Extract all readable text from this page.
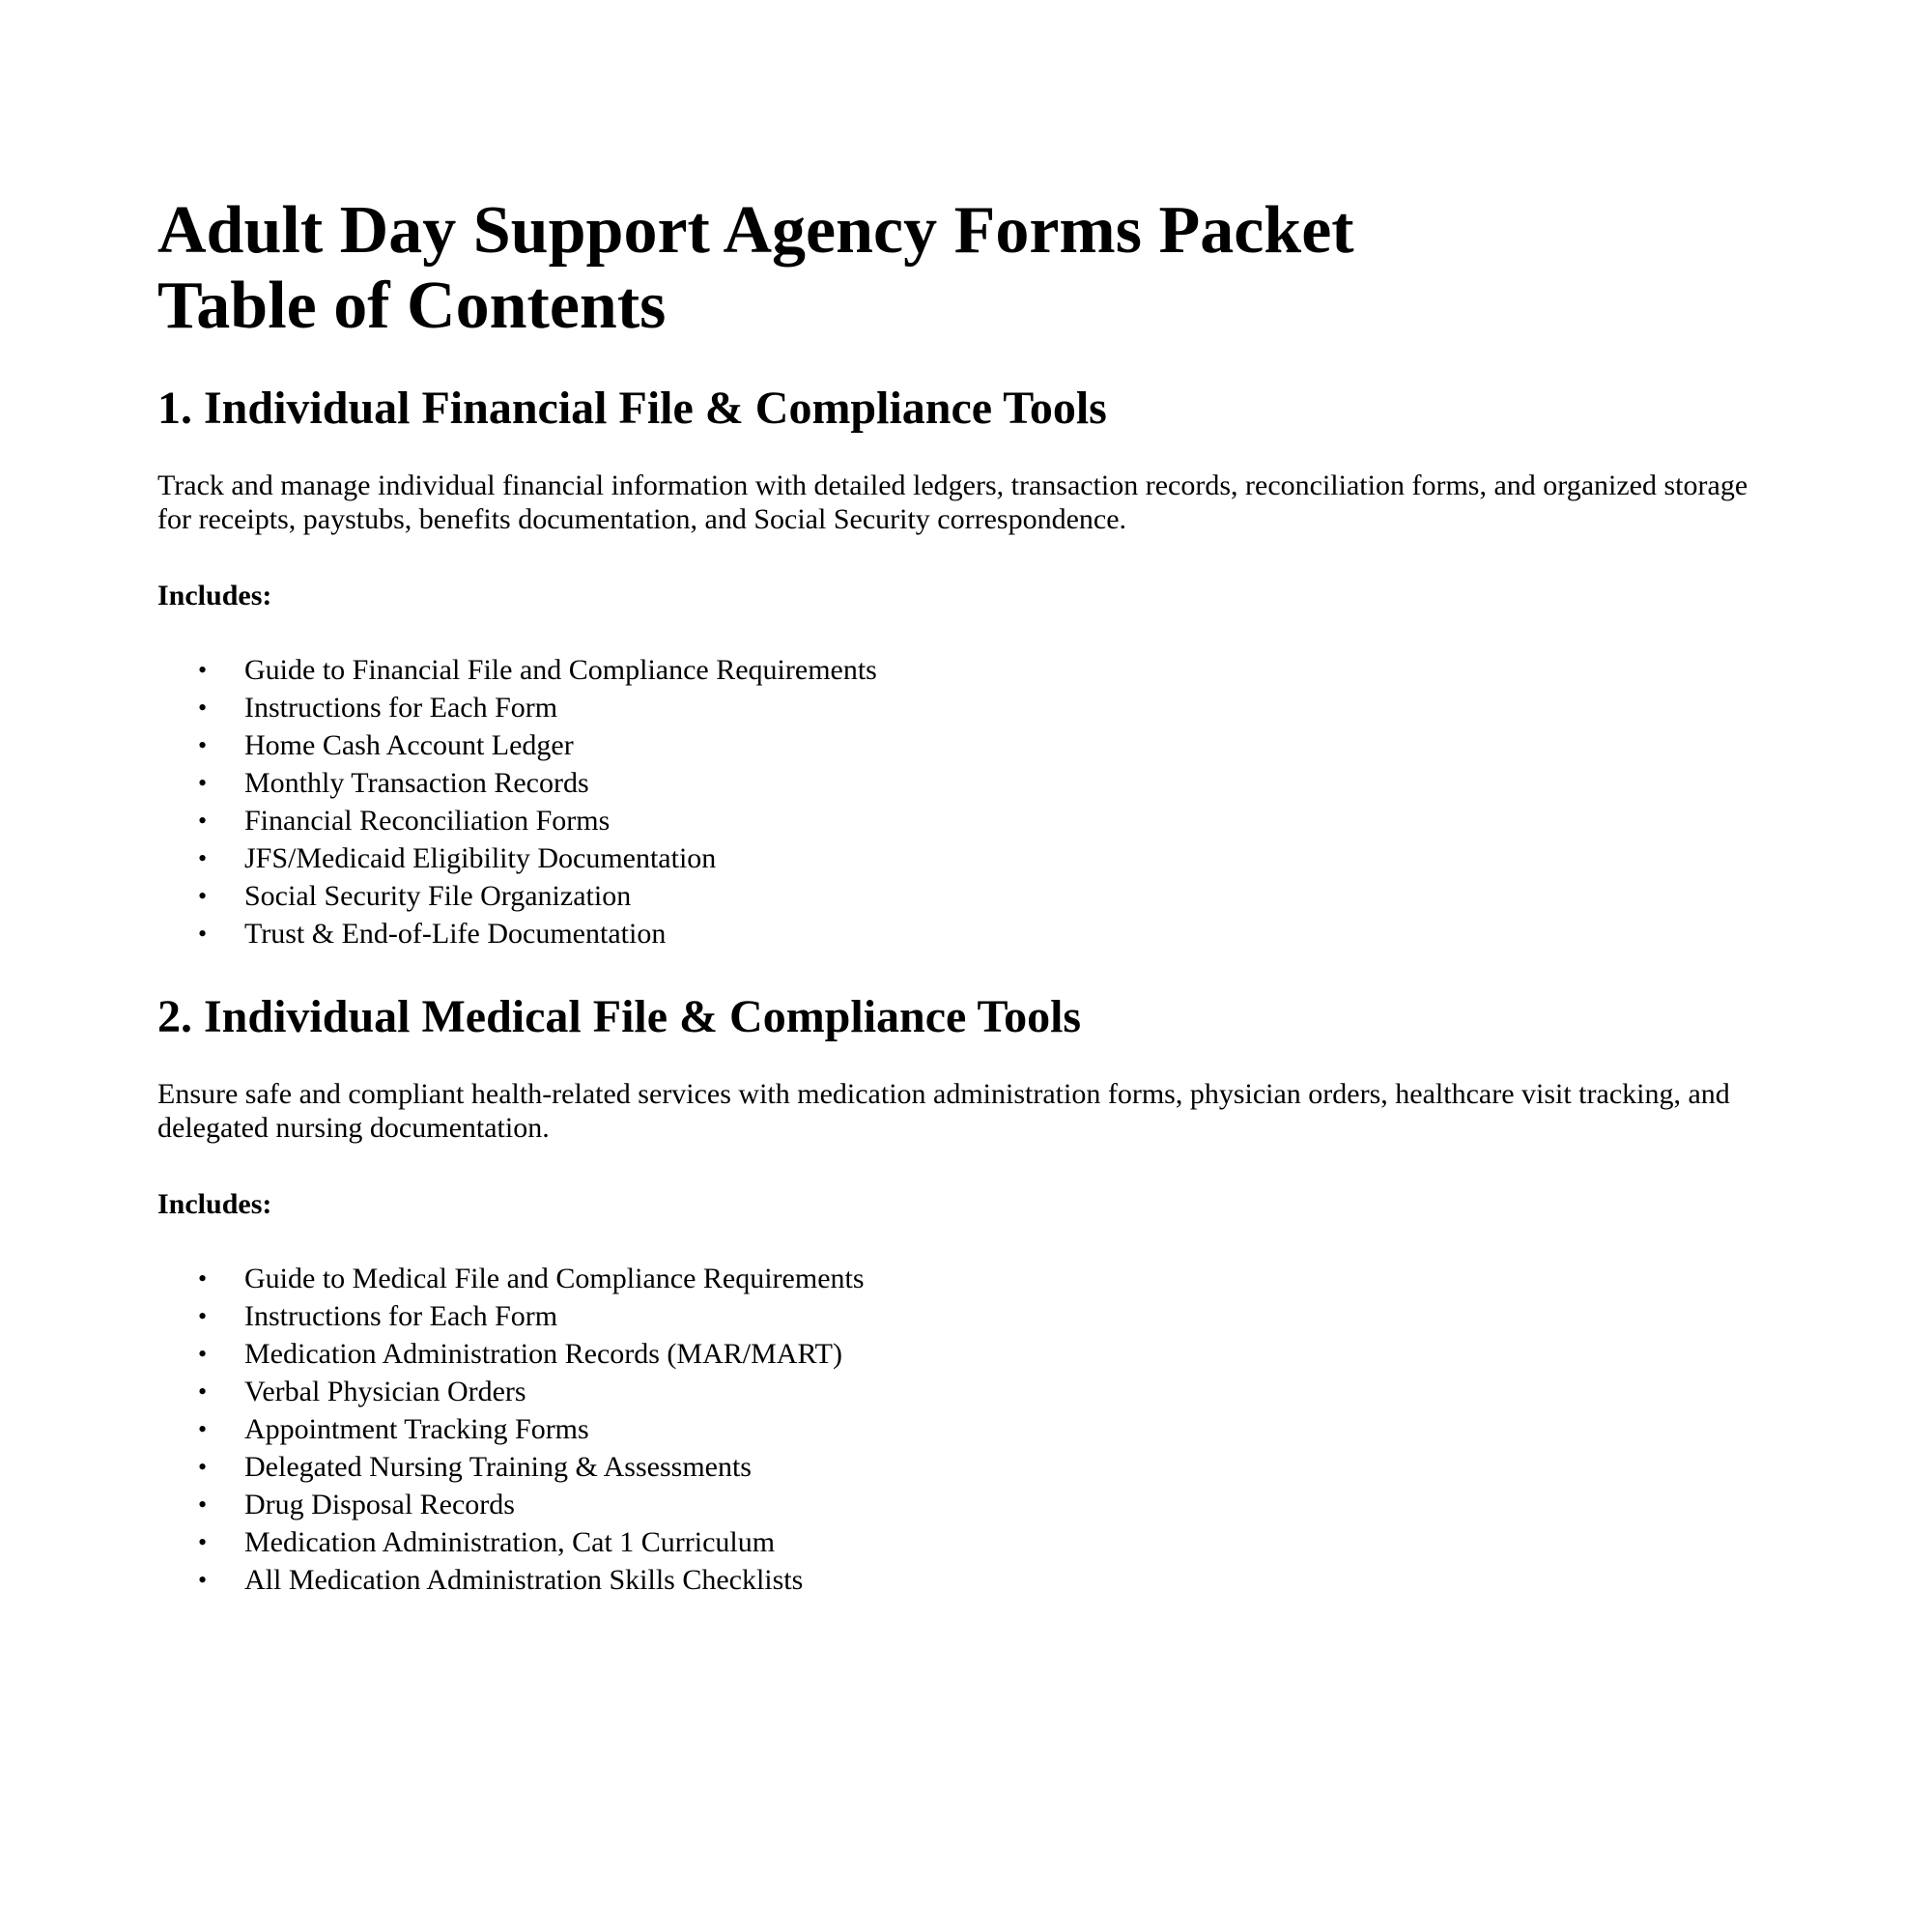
Adult Day Support Agency Forms Packet
Table of Contents
1. Individual Financial File & Compliance Tools

Track and manage individual financial information with detailed ledgers, transaction records, reconciliation forms, and organized storage for receipts, paystubs, benefits documentation, and Social Security correspondence.

Includes:

• Guide to Financial File and Compliance Requirements
• Instructions for Each Form
• Home Cash Account Ledger
• Monthly Transaction Records
• Financial Reconciliation Forms
• JFS/Medicaid Eligibility Documentation
• Social Security File Organization
• Trust & End-of-Life Documentation
2. Individual Medical File & Compliance Tools

Ensure safe and compliant health-related services with medication administration forms, physician orders, healthcare visit tracking, and delegated nursing documentation.

Includes:

• Guide to Medical File and Compliance Requirements
• Instructions for Each Form
• Medication Administration Records (MAR/MART)
• Verbal Physician Orders
• Appointment Tracking Forms
• Delegated Nursing Training & Assessments
• Drug Disposal Records
• Medication Administration, Cat 1 Curriculum
• All Medication Administration Skills Checklists
